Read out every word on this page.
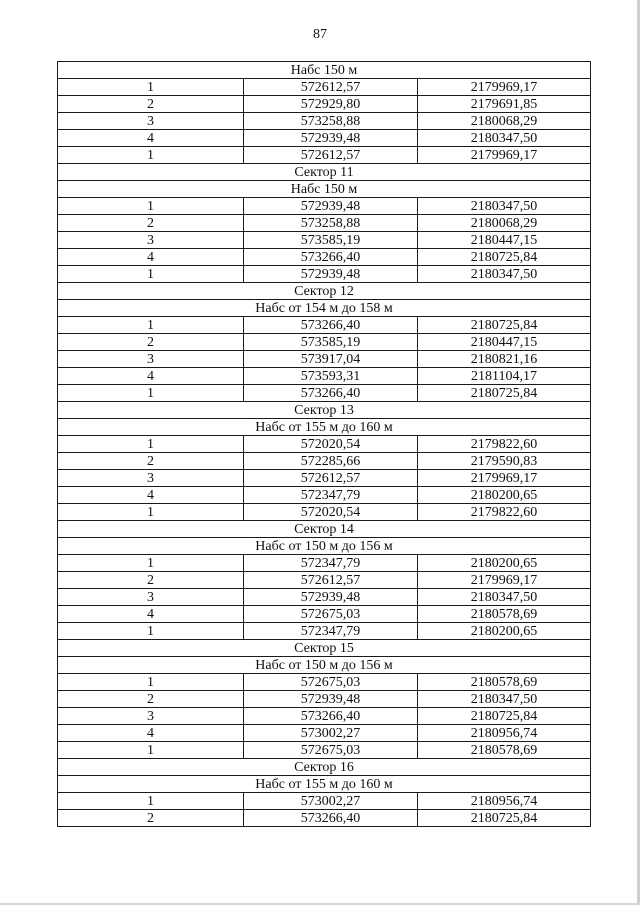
87
Набс 150 м		
1	572612,57	2179969,17
2	572929,80	2179691,85
3	573258,88	2180068,29
4	572939,48	2180347,50
1	572612,57	2179969,17
Сектор 11		
Набс 150 м		
1	572939,48	2180347,50
2	573258,88	2180068,29
3	573585,19	2180447,15
4	573266,40	2180725,84
1	572939,48	2180347,50
Сектор 12		
Набс от 154 м до 158 м		
1	573266,40	2180725,84
2	573585,19	2180447,15
3	573917,04	2180821,16
4	573593,31	2181104,17
1	573266,40	2180725,84
Сектор 13		
Набс от 155 м до 160 м		
1	572020,54	2179822,60
2	572285,66	2179590,83
3	572612,57	2179969,17
4	572347,79	2180200,65
1	572020,54	2179822,60
Сектор 14		
Набс от 150 м до 156 м		
1	572347,79	2180200,65
2	572612,57	2179969,17
3	572939,48	2180347,50
4	572675,03	2180578,69
1	572347,79	2180200,65
Сектор 15		
Набс от 150 м до 156 м		
1	572675,03	2180578,69
2	572939,48	2180347,50
3	573266,40	2180725,84
4	573002,27	2180956,74
1	572675,03	2180578,69
Сектор 16		
Набс от 155 м до 160 м		
1	573002,27	2180956,74
2	573266,40	2180725,84
